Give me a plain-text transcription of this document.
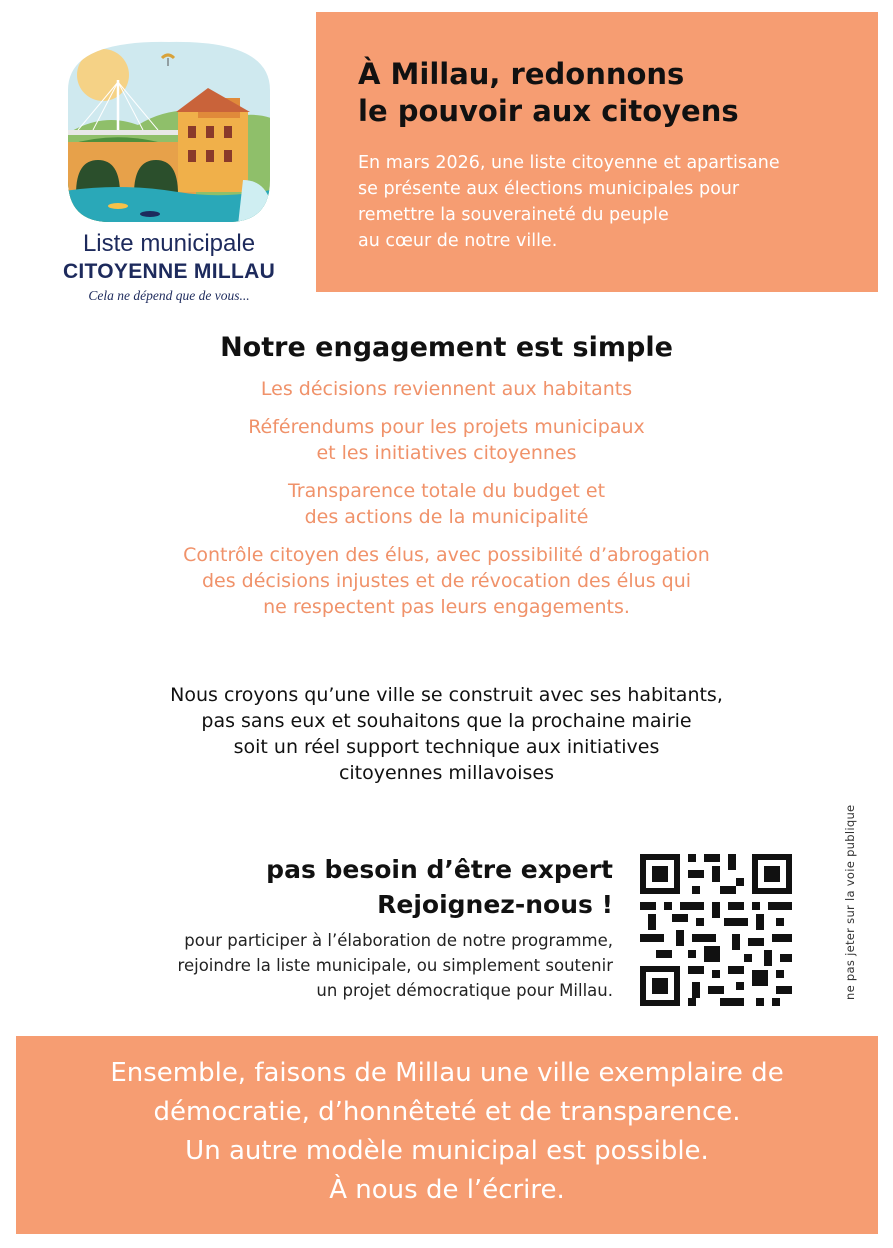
Liste municipale
CITOYENNE MILLAU
Cela ne dépend que de vous...
À Millau, redonnons
le pouvoir aux citoyens
En mars 2026, une liste citoyenne et apartisane
se présente aux élections municipales pour
remettre la souveraineté du peuple
au cœur de notre ville.
Notre engagement est simple
Les décisions reviennent aux habitants
Référendums pour les projets municipaux
et les initiatives citoyennes
Transparence totale du budget et
des actions de la municipalité
Contrôle citoyen des élus, avec possibilité d’abrogation
des décisions injustes et de révocation des élus qui
ne respectent pas leurs engagements.
Nous croyons qu’une ville se construit avec ses habitants,
pas sans eux et souhaitons que la prochaine mairie
soit un réel support technique aux initiatives
citoyennes millavoises
pas besoin d’être expert
Rejoignez-nous !
pour participer à l’élaboration de notre programme,
rejoindre la liste municipale, ou simplement soutenir
un projet démocratique pour Millau.	ne pas jeter sur la voie publique
Ensemble, faisons de Millau une ville exemplaire de
démocratie, d’honnêteté et de transparence.
Un autre modèle municipal est possible.
À nous de l’écrire.
